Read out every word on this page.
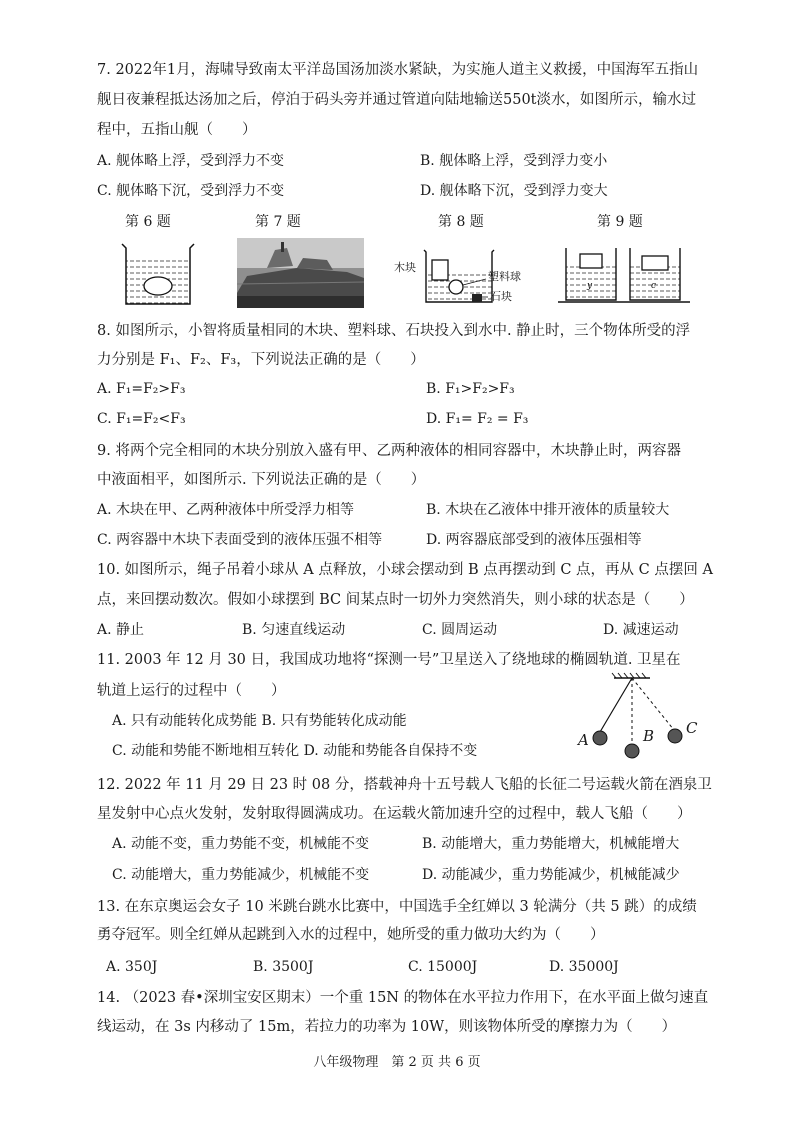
7. 2022年1月，海啸导致南太平洋岛国汤加淡水紧缺，为实施人道主义救援，中国海军五指山
舰日夜兼程抵达汤加之后，停泊于码头旁并通过管道向陆地输送550t淡水，如图所示，输水过
程中，五指山舰（　　）
A. 舰体略上浮，受到浮力不变	B. 舰体略上浮，受到浮力变小
C. 舰体略下沉，受到浮力不变	D. 舰体略下沉，受到浮力变大
第 6 题	第 7 题	第 8 题	第 9 题
木块
塑料球
石块
y	c
8. 如图所示，小智将质量相同的木块、塑料球、石块投入到水中. 静止时，三个物体所受的浮
力分别是 F₁、F₂、F₃，下列说法正确的是（　　）
A. F₁=F₂>F₃	B. F₁>F₂>F₃
C. F₁=F₂<F₃	D. F₁= F₂ = F₃
9. 将两个完全相同的木块分别放入盛有甲、乙两种液体的相同容器中，木块静止时，两容器
中液面相平，如图所示. 下列说法正确的是（　　）
A. 木块在甲、乙两种液体中所受浮力相等	B. 木块在乙液体中排开液体的质量较大
C. 两容器中木块下表面受到的液体压强不相等	D. 两容器底部受到的液体压强相等
10. 如图所示，绳子吊着小球从 A 点释放，小球会摆动到 B 点再摆动到 C 点，再从 C 点摆回 A
点，来回摆动数次。假如小球摆到 BC 间某点时一切外力突然消失，则小球的状态是（　　）
A. 静止	B. 匀速直线运动	C. 圆周运动	D. 减速运动
11. 2003 年 12 月 30 日，我国成功地将“探测一号”卫星送入了绕地球的椭圆轨道. 卫星在
轨道上运行的过程中（　　）
A. 只有动能转化成势能 B. 只有势能转化成动能
C. 动能和势能不断地相互转化 D. 动能和势能各自保持不变
A	B C
12. 2022 年 11 月 29 日 23 时 08 分，搭载神舟十五号载人飞船的长征二号运载火箭在酒泉卫
星发射中心点火发射，发射取得圆满成功。在运载火箭加速升空的过程中，载人飞船（　　）
A. 动能不变，重力势能不变，机械能不变	B. 动能增大，重力势能增大，机械能增大
C. 动能增大，重力势能减少，机械能不变	D. 动能减少，重力势能减少，机械能减少
13. 在东京奥运会女子 10 米跳台跳水比赛中，中国选手全红婵以 3 轮满分（共 5 跳）的成绩
勇夺冠军。则全红婵从起跳到入水的过程中，她所受的重力做功大约为（　　）
A. 350J	B. 3500J	C. 15000J	D. 35000J
14. （2023 春•深圳宝安区期末）一个重 15N 的物体在水平拉力作用下，在水平面上做匀速直
线运动，在 3s 内移动了 15m，若拉力的功率为 10W，则该物体所受的摩擦力为（　　）
八年级物理　第 2 页 共 6 页
